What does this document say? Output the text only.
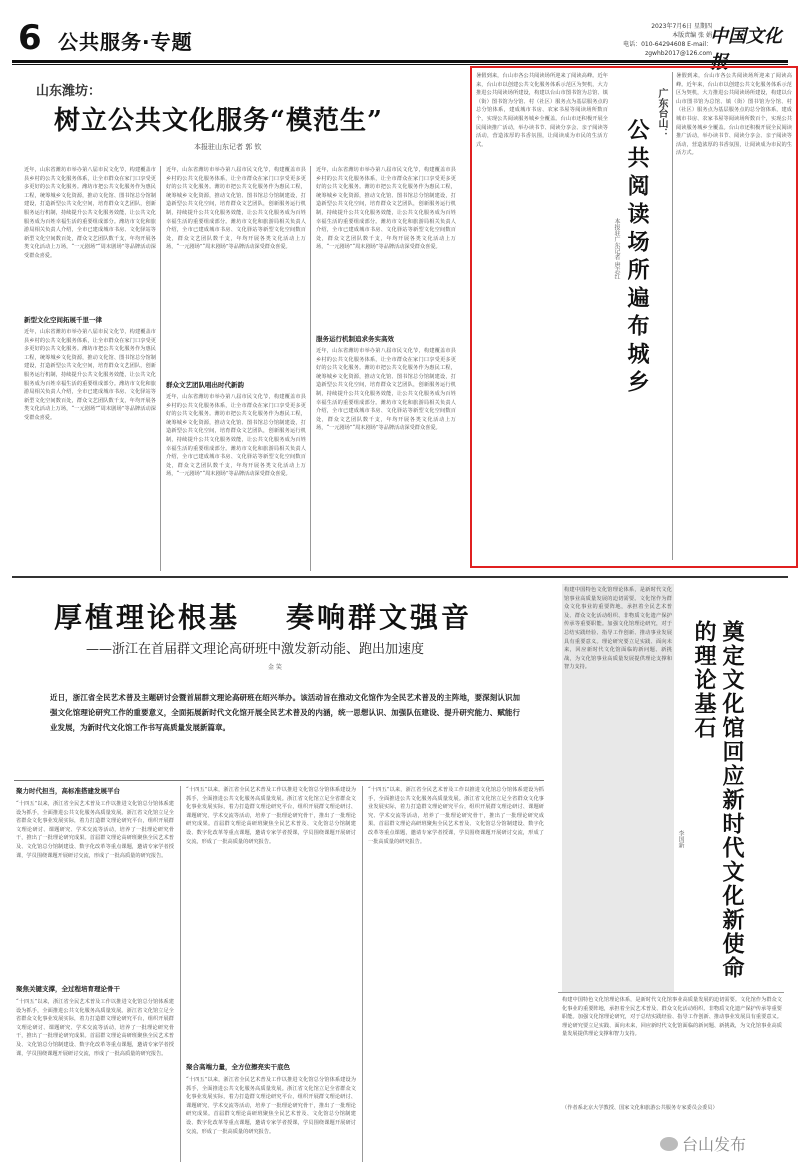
6 公共服务·专题
2023年7月6日 星期四
本版责编 张 娟
电话：010-64294608 E-mail：zgwhb2017@126.com
中国文化
山东潍坊：
树立公共文化服务“模范生”
本报驻山东记者 郭 钦
近年，山东省潍坊市举办第八届市民文化节，构建覆盖市县乡村的公共文化服务体系，让全市群众在家门口享受更多更好的公共文化服务。潍坊市把公共文化服务作为惠民工程，统筹城乡文化资源，推动文化馆、图书馆总分馆制建设，打造新型公共文化空间，培育群众文艺团队，创新服务运行机制，持续提升公共文化服务效能，让公共文化服务成为百姓幸福生活的重要组成部分。潍坊市文化和旅游局相关负责人介绍，全市已建成城市书房、文化驿站等新型文化空间数百处，群众文艺团队数千支，年均开展各类文化活动上万场，“一元剧场”“周末剧场”等品牌活动深受群众喜爱。
新型文化空间拓展千里一律
近年，山东省潍坊市举办第八届市民文化节，构建覆盖市县乡村的公共文化服务体系，让全市群众在家门口享受更多更好的公共文化服务。潍坊市把公共文化服务作为惠民工程，统筹城乡文化资源，推动文化馆、图书馆总分馆制建设，打造新型公共文化空间，培育群众文艺团队，创新服务运行机制，持续提升公共文化服务效能，让公共文化服务成为百姓幸福生活的重要组成部分。潍坊市文化和旅游局相关负责人介绍，全市已建成城市书房、文化驿站等新型文化空间数百处，群众文艺团队数千支，年均开展各类文化活动上万场，“一元剧场”“周末剧场”等品牌活动深受群众喜爱。
近年，山东省潍坊市举办第八届市民文化节，构建覆盖市县乡村的公共文化服务体系，让全市群众在家门口享受更多更好的公共文化服务。潍坊市把公共文化服务作为惠民工程，统筹城乡文化资源，推动文化馆、图书馆总分馆制建设，打造新型公共文化空间，培育群众文艺团队，创新服务运行机制，持续提升公共文化服务效能，让公共文化服务成为百姓幸福生活的重要组成部分。潍坊市文化和旅游局相关负责人介绍，全市已建成城市书房、文化驿站等新型文化空间数百处，群众文艺团队数千支，年均开展各类文化活动上万场，“一元剧场”“周末剧场”等品牌活动深受群众喜爱。
群众文艺团队唱出时代新韵
近年，山东省潍坊市举办第八届市民文化节，构建覆盖市县乡村的公共文化服务体系，让全市群众在家门口享受更多更好的公共文化服务。潍坊市把公共文化服务作为惠民工程，统筹城乡文化资源，推动文化馆、图书馆总分馆制建设，打造新型公共文化空间，培育群众文艺团队，创新服务运行机制，持续提升公共文化服务效能，让公共文化服务成为百姓幸福生活的重要组成部分。潍坊市文化和旅游局相关负责人介绍，全市已建成城市书房、文化驿站等新型文化空间数百处，群众文艺团队数千支，年均开展各类文化活动上万场，“一元剧场”“周末剧场”等品牌活动深受群众喜爱。
近年，山东省潍坊市举办第八届市民文化节，构建覆盖市县乡村的公共文化服务体系，让全市群众在家门口享受更多更好的公共文化服务。潍坊市把公共文化服务作为惠民工程，统筹城乡文化资源，推动文化馆、图书馆总分馆制建设，打造新型公共文化空间，培育群众文艺团队，创新服务运行机制，持续提升公共文化服务效能，让公共文化服务成为百姓幸福生活的重要组成部分。潍坊市文化和旅游局相关负责人介绍，全市已建成城市书房、文化驿站等新型文化空间数百处，群众文艺团队数千支，年均开展各类文化活动上万场，“一元剧场”“周末剧场”等品牌活动深受群众喜爱。
服务运行机制追求务实高效
近年，山东省潍坊市举办第八届市民文化节，构建覆盖市县乡村的公共文化服务体系，让全市群众在家门口享受更多更好的公共文化服务。潍坊市把公共文化服务作为惠民工程，统筹城乡文化资源，推动文化馆、图书馆总分馆制建设，打造新型公共文化空间，培育群众文艺团队，创新服务运行机制，持续提升公共文化服务效能，让公共文化服务成为百姓幸福生活的重要组成部分。潍坊市文化和旅游局相关负责人介绍，全市已建成城市书房、文化驿站等新型文化空间数百处，群众文艺团队数千支，年均开展各类文化活动上万场，“一元剧场”“周末剧场”等品牌活动深受群众喜爱。
暑假到来，台山市各公共阅读场所迎来了阅读高峰。近年来，台山市以创建公共文化服务体系示范区为契机，大力推进公共阅读场所建设，构建以台山市图书馆为总馆、镇（街）图书馆为分馆、村（社区）服务点为基层服务点的总分馆体系，建成城市书房、农家书屋等阅读场所数百个，实现公共阅读服务城乡全覆盖。台山市还积极开展全民阅读推广活动，举办读书节、阅读分享会、亲子阅读等活动，营造浓厚的书香氛围，让阅读成为市民的生活方式。
广东台山：
公共阅读场所遍布城乡
本报驻广东记者 唐志红
暑假到来，台山市各公共阅读场所迎来了阅读高峰。近年来，台山市以创建公共文化服务体系示范区为契机，大力推进公共阅读场所建设，构建以台山市图书馆为总馆、镇（街）图书馆为分馆、村（社区）服务点为基层服务点的总分馆体系，建成城市书房、农家书屋等阅读场所数百个，实现公共阅读服务城乡全覆盖。台山市还积极开展全民阅读推广活动，举办读书节、阅读分享会、亲子阅读等活动，营造浓厚的书香氛围，让阅读成为市民的生活方式。
厚植理论根基 奏响群文强音
——浙江在首届群文理论高研班中激发新动能、跑出加速度
金 笑
近日，浙江省全民艺术普及主题研讨会暨首届群文理论高研班在绍兴举办。该活动旨在推动文化馆作为全民艺术普及的主阵地，要深刻认识加强文化馆理论研究工作的重要意义，全面拓展新时代文化馆开展全民艺术普及的内涵，统一思想认识、加强队伍建设、提升研究能力、赋能行业发展，为新时代文化馆工作书写高质量发展新篇章。
聚力时代担当，高标准搭建发展平台
“十四五”以来，浙江省全民艺术普及工作以推进文化馆总分馆体系建设为抓手，全面推进公共文化服务高质量发展。浙江省文化馆立足全省群众文化事业发展实际，着力打造群文理论研究平台，组织开展群文理论研讨、课题研究、学术交流等活动，培养了一批理论研究骨干，推出了一批理论研究成果。首届群文理论高研班聚焦全民艺术普及、文化馆总分馆制建设、数字化改革等重点课题，邀请专家学者授课，学员围绕课题开展研讨交流，形成了一批高质量的研究报告。
聚焦关键支撑，全过程培育理论骨干
“十四五”以来，浙江省全民艺术普及工作以推进文化馆总分馆体系建设为抓手，全面推进公共文化服务高质量发展。浙江省文化馆立足全省群众文化事业发展实际，着力打造群文理论研究平台，组织开展群文理论研讨、课题研究、学术交流等活动，培养了一批理论研究骨干，推出了一批理论研究成果。首届群文理论高研班聚焦全民艺术普及、文化馆总分馆制建设、数字化改革等重点课题，邀请专家学者授课，学员围绕课题开展研讨交流，形成了一批高质量的研究报告。
“十四五”以来，浙江省全民艺术普及工作以推进文化馆总分馆体系建设为抓手，全面推进公共文化服务高质量发展。浙江省文化馆立足全省群众文化事业发展实际，着力打造群文理论研究平台，组织开展群文理论研讨、课题研究、学术交流等活动，培养了一批理论研究骨干，推出了一批理论研究成果。首届群文理论高研班聚焦全民艺术普及、文化馆总分馆制建设、数字化改革等重点课题，邀请专家学者授课，学员围绕课题开展研讨交流，形成了一批高质量的研究报告。
聚合高端力量，全方位擦亮实干底色
“十四五”以来，浙江省全民艺术普及工作以推进文化馆总分馆体系建设为抓手，全面推进公共文化服务高质量发展。浙江省文化馆立足全省群众文化事业发展实际，着力打造群文理论研究平台，组织开展群文理论研讨、课题研究、学术交流等活动，培养了一批理论研究骨干，推出了一批理论研究成果。首届群文理论高研班聚焦全民艺术普及、文化馆总分馆制建设、数字化改革等重点课题，邀请专家学者授课，学员围绕课题开展研讨交流，形成了一批高质量的研究报告。
“十四五”以来，浙江省全民艺术普及工作以推进文化馆总分馆体系建设为抓手，全面推进公共文化服务高质量发展。浙江省文化馆立足全省群众文化事业发展实际，着力打造群文理论研究平台，组织开展群文理论研讨、课题研究、学术交流等活动，培养了一批理论研究骨干，推出了一批理论研究成果。首届群文理论高研班聚焦全民艺术普及、文化馆总分馆制建设、数字化改革等重点课题，邀请专家学者授课，学员围绕课题开展研讨交流，形成了一批高质量的研究报告。
构建中国特色文化馆理论体系，是新时代文化馆事业高质量发展的迫切需要。文化馆作为群众文化事业的重要阵地，承担着全民艺术普及、群众文化活动组织、非物质文化遗产保护传承等重要职能。加强文化馆理论研究，对于总结实践经验、指导工作创新、推动事业发展具有重要意义。理论研究要立足实践、面向未来，回应新时代文化馆面临的新问题、新挑战，为文化馆事业高质量发展提供理论支撑和智力支持。	奠定文化馆回应新时代文化新使命的理论基石
李国新
构建中国特色文化馆理论体系，是新时代文化馆事业高质量发展的迫切需要。文化馆作为群众文化事业的重要阵地，承担着全民艺术普及、群众文化活动组织、非物质文化遗产保护传承等重要职能。加强文化馆理论研究，对于总结实践经验、指导工作创新、推动事业发展具有重要意义。理论研究要立足实践、面向未来，回应新时代文化馆面临的新问题、新挑战，为文化馆事业高质量发展提供理论支撑和智力支持。
（作者系北京大学教授、国家文化和旅游公共服务专家委员会委员）
台山发布
